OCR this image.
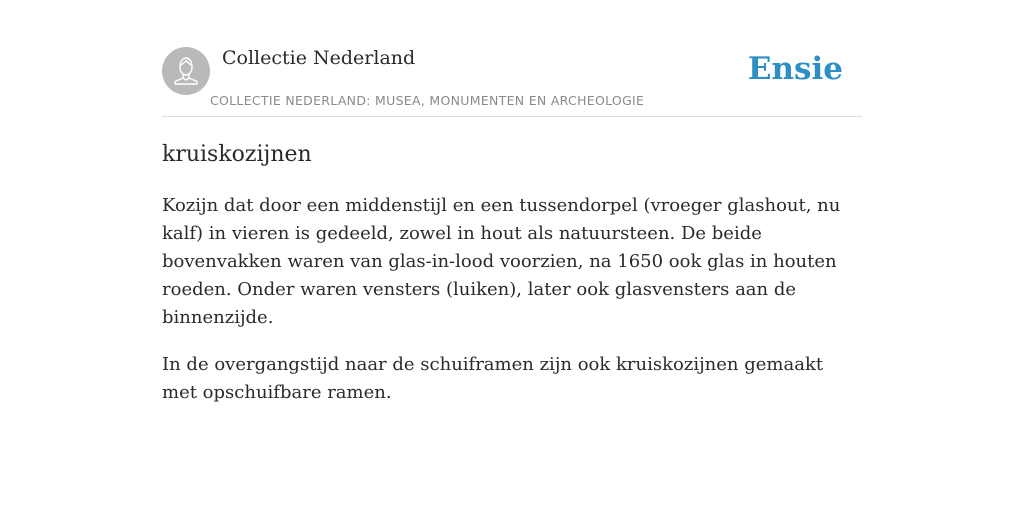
Collectie Nederland
COLLECTIE NEDERLAND: MUSEA, MONUMENTEN EN ARCHEOLOGIE
Ensie
kruiskozijnen

Kozijn dat door een middenstijl en een tussendorpel (vroeger glashout, nu kalf) in vieren is gedeeld, zowel in hout als natuursteen. De beide bovenvakken waren van glas-in-lood voorzien, na 1650 ook glas in houten roeden. Onder waren vensters (luiken), later ook glasvensters aan de binnenzijde.

In de overgangstijd naar de schuiframen zijn ook kruiskozijnen gemaakt met opschuifbare ramen.
